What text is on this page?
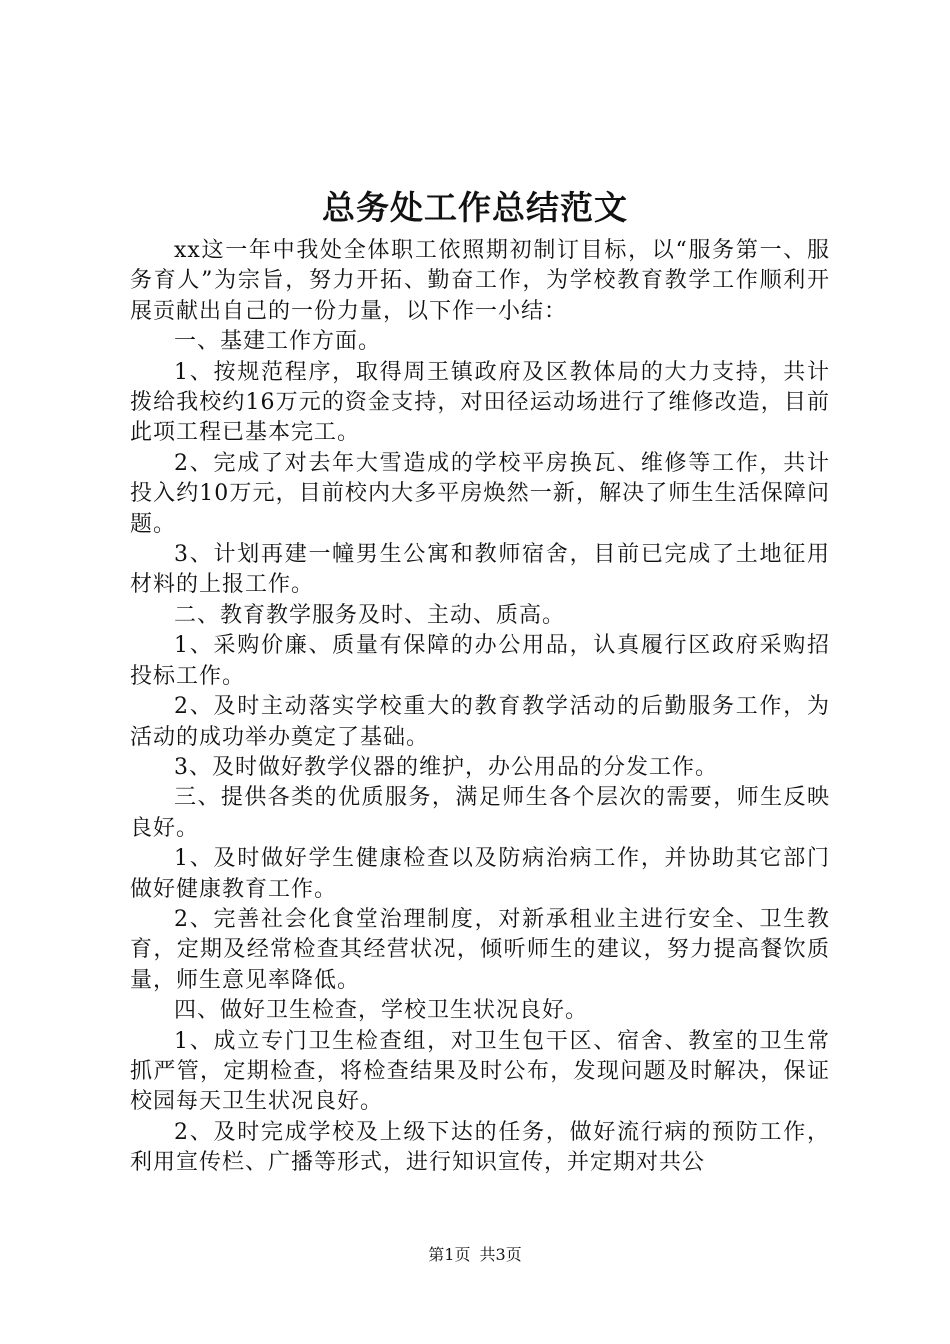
总务处工作总结范文

xx这一年中我处全体职工依照期初制订目标，以“服务第一、服务育人”为宗旨，努力开拓、勤奋工作，为学校教育教学工作顺利开展贡献出自己的一份力量，以下作一小结：

一、基建工作方面。

1、按规范程序，取得周王镇政府及区教体局的大力支持，共计拨给我校约16万元的资金支持，对田径运动场进行了维修改造，目前此项工程已基本完工。

2、完成了对去年大雪造成的学校平房换瓦、维修等工作，共计投入约10万元，目前校内大多平房焕然一新，解决了师生生活保障问题。

3、计划再建一幢男生公寓和教师宿舍，目前已完成了土地征用材料的上报工作。

二、教育教学服务及时、主动、质高。

1、采购价廉、质量有保障的办公用品，认真履行区政府采购招投标工作。

2、及时主动落实学校重大的教育教学活动的后勤服务工作，为活动的成功举办奠定了基础。

3、及时做好教学仪器的维护，办公用品的分发工作。

三、提供各类的优质服务，满足师生各个层次的需要，师生反映良好。

1、及时做好学生健康检查以及防病治病工作，并协助其它部门做好健康教育工作。

2、完善社会化食堂治理制度，对新承租业主进行安全、卫生教育，定期及经常检查其经营状况，倾听师生的建议，努力提高餐饮质量，师生意见率降低。

四、做好卫生检查，学校卫生状况良好。

1、成立专门卫生检查组，对卫生包干区、宿舍、教室的卫生常抓严管，定期检查，将检查结果及时公布，发现问题及时解决，保证校园每天卫生状况良好。

2、及时完成学校及上级下达的任务，做好流行病的预防工作，利用宣传栏、广播等形式，进行知识宣传，并定期对共公

第1页 共3页
